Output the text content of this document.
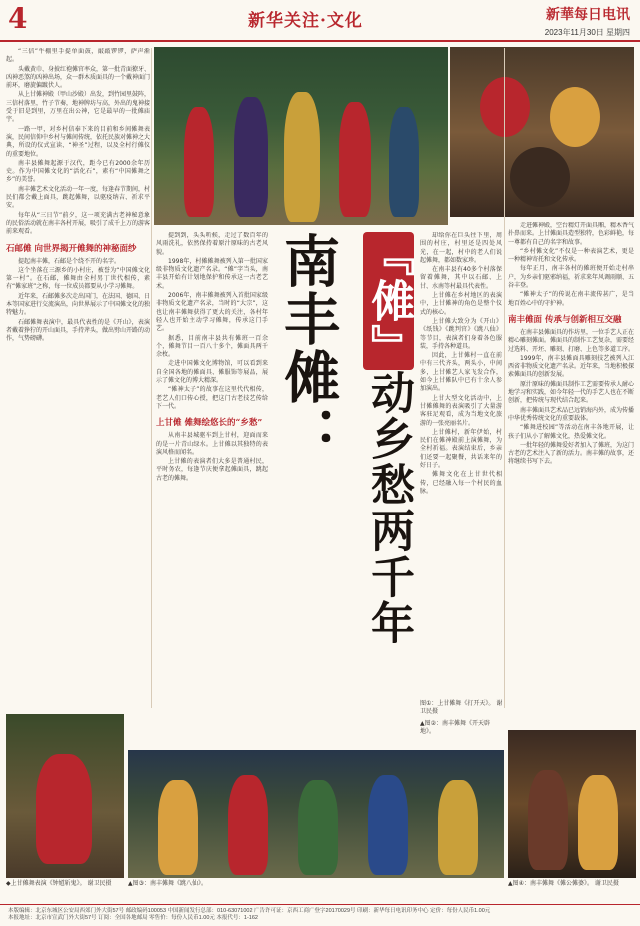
4	新华关注·文化	新華每日电讯
2023年11月30日 星期四

“三信”牛棚里手提单面鼓，敲敲锣锣，萨声渐起。

头戴黄巾、身披红袍傩官率众，第一批青面獠牙、凶神恶煞的凶神出场，众一群木质面具的一个戴神面门前环，磨旋偏踱伏人。

从上甘傩神殿（甲山沙殿）出发，到竹园里鼓阵，三信村落里，竹子节奏，地神牌坊与高，外出的鬼神接受于旧是到里，万里在出公神，它是最早的一批傩庙宇。

一路一甲，对乡村信奉下来的目前和乡间傩舞表演，民间信仰中乡村与傩间传统，依托民族对傩神之大典，所设的仪式宣读、“神圣”过程，以及全村行傩仪的重要地位。

南丰县傩舞起源于汉代，距今已有2000余年历史。作为中国傩文化的“活化石”，素有“中国傩舞之乡”的美誉。

南丰傩艺术文化活动一年一度，每逢春节期间，村民们都会戴上面具，跳起傩舞，以驱疫纳吉、祈求平安。

每年从“三日节”前夕，这一项充满古老神秘意象的民俗活动就在南丰各村开展，吸引了成千上万的游客前来观看。

石邮傩 向世界揭开傩舞的神秘面纱

提起南丰傩，石邮是个绕不开的名字。

这个坐落在三源乡的小村庄，被誉为“中国傩文化第一村”。在石邮，傩舞由全村男丁世代相传，素有“傩家班”之称，每一位成员都要从小学习傩舞。

近年来，石邮傩多次走出国门，在法国、德国、日本等国家进行交流演出，向世界展示了中国傩文化的独特魅力。

石邮傩舞表演中，最具代表性的是《开山》，表演者戴着狰狞的开山面具，手持斧头，做出劈山开路的动作，气势磅礴。	南丰傩：
『傩』动乡愁两千年

提到到，头头听候，走过了数百年的风雨洗礼，依然保持着原汁原味的古老风貌。

1998年，村傩傩舞被列入第一批国家级非物质文化遗产名录。“傩”字当头，南丰县开始有计划地保护和传承这一古老艺术。

2006年，南丰傩舞被列入首批国家级非物质文化遗产名录，当时的“大宗”，这也让南丰傩舞获得了更大的关注，各村年轻人也开始主动学习傩舞，传承这门手艺。

据悉，目前南丰县共有傩班一百余个，傩舞节目一百八十多个，傩面具两千余枚。

走进中国傩文化博物馆，可以看到来自全国各地的傩面具、傩服饰等展品，展示了傩文化的博大精深。

“傩神太子”的故事在这里代代相传，老艺人们口传心授，把这门古老技艺传给下一代。

上甘傩 傩舞绘悠长的“乡愁”

从南丰县城驱车到上甘村，迎面而来的是一片青山绿水。上甘傩以其独特的表演风格而闻名。

上甘傩的表演者们大多是普通村民，平时务农，每逢节庆便拿起傩面具，跳起古老的傩舞。

却给你在巨头往下里，周围的村庄，村里还是四处风光，在一起，村中的老人们说起傩舞，都如数家珍。

在南丰县有40多个村落保留着傩舞，其中以石邮、上甘、水南等村最具代表性。

上甘傩在乡村地区的表演中，上甘傩神的角色是整个仪式的核心。

上甘傩大致分为《开山》《纸钱》《跳判官》《跳八仙》等节目，表演者们身着各色服装，手持各种道具。

因此，上甘傩村一直在前中有三代齐头，两头小，中间多，上甘傩艺人家飞发合作，如今上甘傩队中已有十余人参加演出。

上甘大型文化活动中，上甘傩傩舞的表演吸引了大量游客驻足观看，成为当地文化旅游的一张亮丽名片。

上甘傩村，新年伊始，村民们在傩神殿前上演傩舞，为全村祈福。表演结束后，乡亲们还要一起聚餐，共话来年的好日子。

傩舞文化在上甘世代相传，已经融入每一个村民的血脉。

走进傩神殿，空台精灯开面具厢，精木香气扑鼻而来。上甘傩面具造型独特，色彩鲜艳，每一尊都有自己的名字和故事。

“乡村傩文化”不仅是一种表演艺术，更是一种精神寄托和文化传承。

每年正月，南丰各村的傩班便开始走村串户，为乡亲们驱邪纳福，祈求来年风调雨顺、五谷丰登。

“傩神太子”的传说在南丰流传甚广，是当地百姓心中的守护神。

南丰傩面 传承与创新相互交融

在南丰县傩面具的作坊里，一位手艺人正在精心雕刻傩面。傩面具的制作工艺复杂，需要经过选料、开坯、雕刻、打磨、上色等多道工序。

1999年，南丰县傩面具雕刻技艺被列入江西省非物质文化遗产名录。近年来，当地积极探索傩面具的创新发展。

原汁原味的傩面具制作工艺需要传承人耐心地学习和实践，如今年轻一代的手艺人也在不断创新，把传统与现代结合起来。

南丰傩面具艺术品已远销海内外，成为传播中华优秀传统文化的重要载体。

“傩舞进校园”等活动在南丰各地开展，让孩子们从小了解傩文化，热爱傩文化。

一批年轻的傩舞爱好者加入了傩班，为这门古老的艺术注入了新的活力。南丰傩的故事，还将继续书写下去。

图①：上甘傩舞《打开天》。 谢卫民摄
▲图②：南丰傩舞《开天辟地》。
◆上甘傩舞表演《钟馗斩鬼》。 谢卫民摄	▲图③：南丰傩舞《跳八仙》。	▲图④：南丰傩舞《傩公傩婆》。 谢卫民摄
本版编辑：北京东城区公安局西郊门外大街57号 邮政编码100053 中国新闻发行总部：010-63071002 广告许可证：京西工商广登字20170029号 印刷：新华每日电讯印务中心 定价：每份人民币1.00元
本报地址：北京市宣武门外大街57号 订阅：全国各地邮局 零售价：每份人民币1.00元 本报代号：1-162
